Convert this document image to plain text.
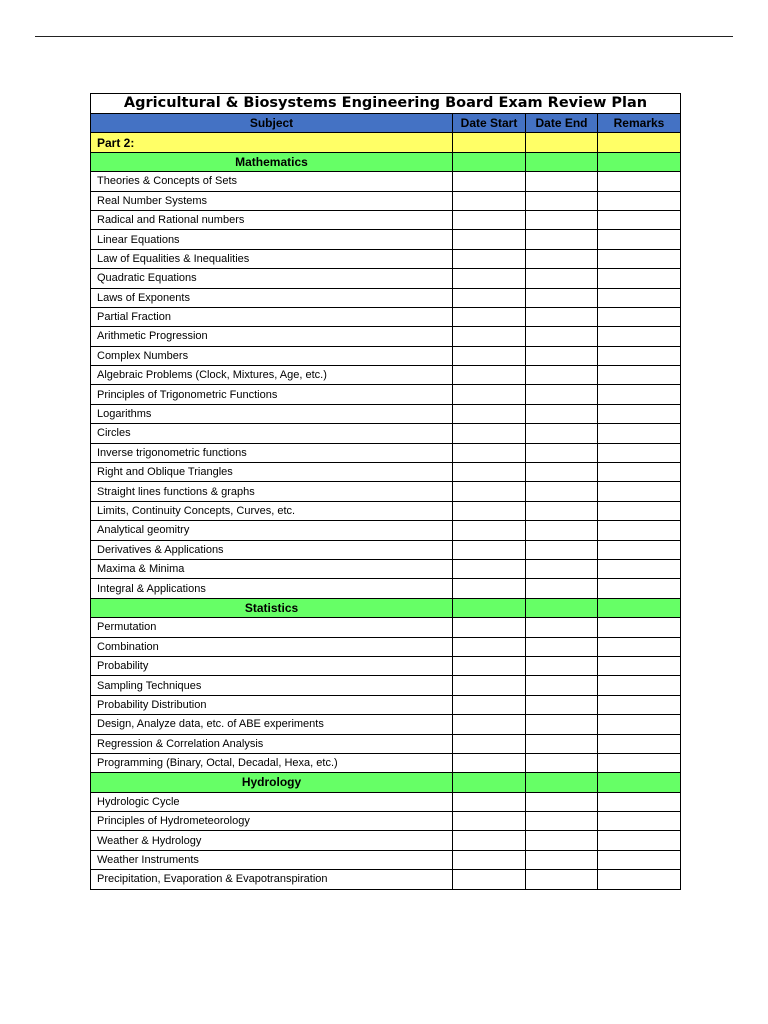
Agricultural & Biosystems Engineering Board Exam Review Plan			
Subject	Date Start	Date End	Remarks
Part 2:			
Mathematics			
Theories & Concepts of Sets			
Real Number Systems			
Radical and Rational numbers			
Linear Equations			
Law of Equalities & Inequalities			
Quadratic Equations			
Laws of Exponents			
Partial Fraction			
Arithmetic Progression			
Complex Numbers			
Algebraic Problems (Clock, Mixtures, Age, etc.)			
Principles of Trigonometric Functions			
Logarithms			
Circles			
Inverse trigonometric functions			
Right and Oblique Triangles			
Straight lines functions & graphs			
Limits, Continuity Concepts, Curves, etc.			
Analytical geomitry			
Derivatives & Applications			
Maxima & Minima			
Integral & Applications			
Statistics			
Permutation			
Combination			
Probability			
Sampling Techniques			
Probability Distribution			
Design, Analyze data, etc. of ABE experiments			
Regression & Correlation Analysis			
Programming (Binary, Octal, Decadal, Hexa, etc.)			
Hydrology			
Hydrologic Cycle			
Principles of Hydrometeorology			
Weather & Hydrology			
Weather Instruments			
Precipitation, Evaporation & Evapotranspiration			
